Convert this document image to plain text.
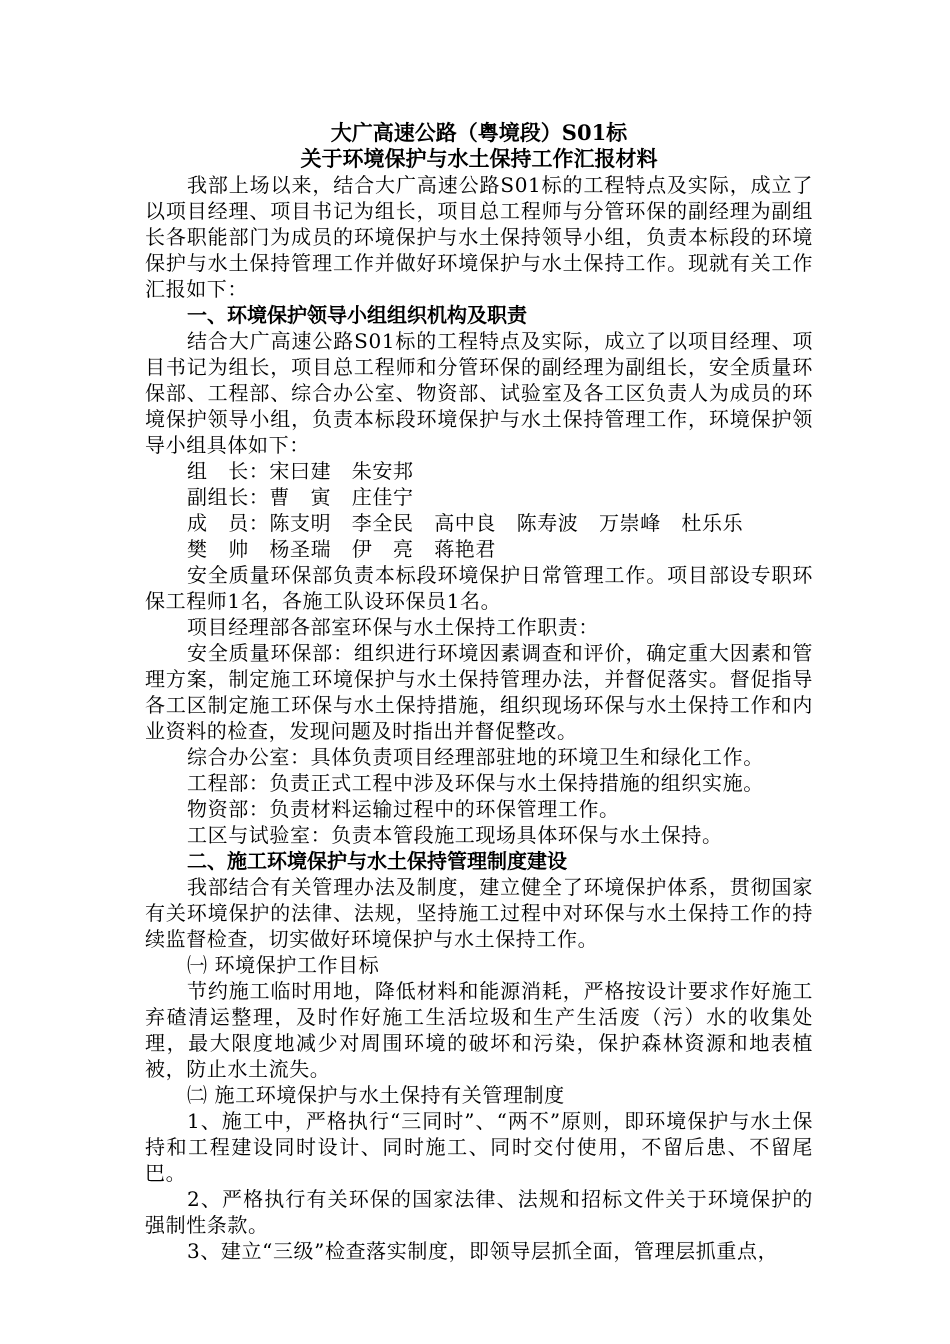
大广高速公路（粤境段）S01标

关于环境保护与水土保持工作汇报材料

我部上场以来，结合大广高速公路S01标的工程特点及实际，成立了以项目经理、项目书记为组长，项目总工程师与分管环保的副经理为副组长各职能部门为成员的环境保护与水土保持领导小组，负责本标段的环境保护与水土保持管理工作并做好环境保护与水土保持工作。现就有关工作汇报如下：

一、环境保护领导小组组织机构及职责

结合大广高速公路S01标的工程特点及实际，成立了以项目经理、项目书记为组长，项目总工程师和分管环保的副经理为副组长，安全质量环保部、工程部、综合办公室、物资部、试验室及各工区负责人为成员的环境保护领导小组，负责本标段环境保护与水土保持管理工作，环境保护领导小组具体如下：

组　长：宋曰建　朱安邦

副组长：曹　寅　庄佳宁

成　员：陈支明　李全民　高中良　陈寿波　万崇峰　杜乐乐

樊　帅　杨圣瑞　伊　亮　蒋艳君

安全质量环保部负责本标段环境保护日常管理工作。项目部设专职环保工程师1名，各施工队设环保员1名。

项目经理部各部室环保与水土保持工作职责：

安全质量环保部：组织进行环境因素调查和评价，确定重大因素和管理方案，制定施工环境保护与水土保持管理办法，并督促落实。督促指导各工区制定施工环保与水土保持措施，组织现场环保与水土保持工作和内业资料的检查，发现问题及时指出并督促整改。

综合办公室：具体负责项目经理部驻地的环境卫生和绿化工作。

工程部：负责正式工程中涉及环保与水土保持措施的组织实施。

物资部：负责材料运输过程中的环保管理工作。

工区与试验室：负责本管段施工现场具体环保与水土保持。

二、施工环境保护与水土保持管理制度建设

我部结合有关管理办法及制度，建立健全了环境保护体系，贯彻国家有关环境保护的法律、法规，坚持施工过程中对环保与水土保持工作的持续监督检查，切实做好环境保护与水土保持工作。

㈠ 环境保护工作目标

节约施工临时用地，降低材料和能源消耗，严格按设计要求作好施工弃碴清运整理，及时作好施工生活垃圾和生产生活废（污）水的收集处理，最大限度地减少对周围环境的破坏和污染，保护森林资源和地表植被，防止水土流失。

㈡ 施工环境保护与水土保持有关管理制度

1、施工中，严格执行“三同时”、“两不”原则，即环境保护与水土保持和工程建设同时设计、同时施工、同时交付使用，不留后患、不留尾巴。

2、严格执行有关环保的国家法律、法规和招标文件关于环境保护的强制性条款。

3、建立“三级”检查落实制度，即领导层抓全面，管理层抓重点，
